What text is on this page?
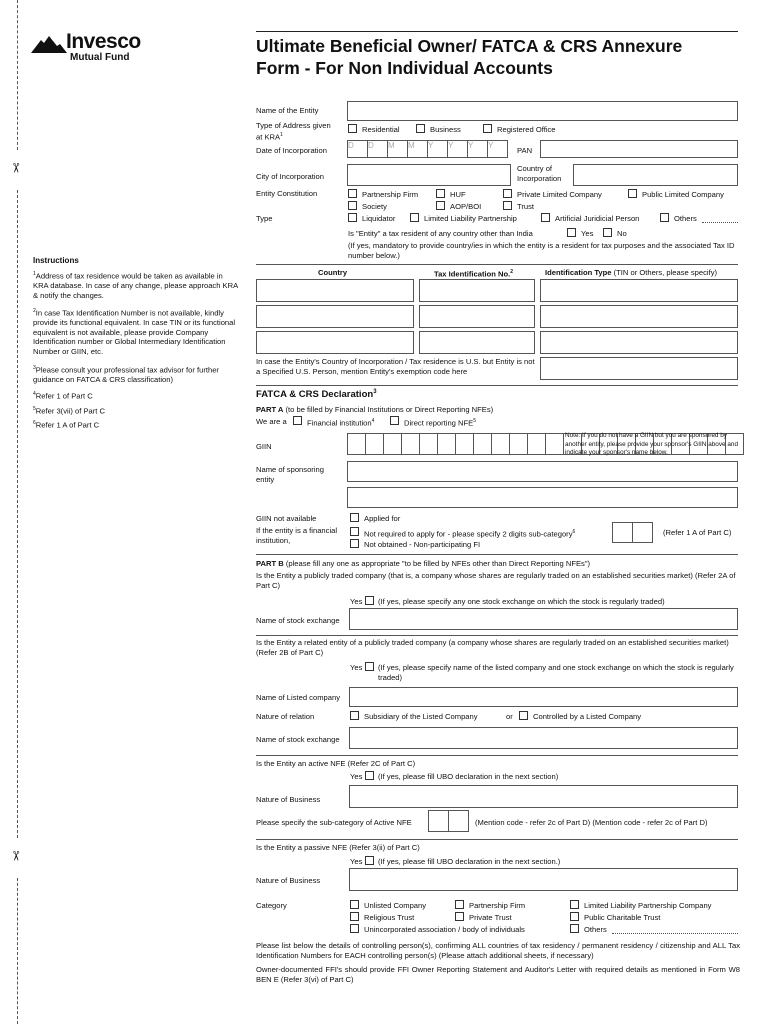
✂
✂
Invesco
Mutual Fund
Ultimate Beneficial Owner/ FATCA & CRS Annexure
Form - For Non Individual Accounts
Name of the Entity
Type of Address given at KRA$^1$
Residential	Business	Registered Office
Date of Incorporation
D	D	M	M	Y	Y	Y	Y
PAN
City of Incorporation
Country of Incorporation
Entity Constitution	Partnership Firm	HUF	Private Limited Company	Public Limited Company
Society	AOP/BOI	Trust
Type	Liquidator	Limited Liability Partnership	Artificial Juridicial Person	Others
Is "Entity" a tax resident of any country other than India	Yes	No
(If yes, mandatory to provide country/ies in which the entity is a resident for tax purposes and the associated Tax ID number below.)
Instructions
$^1$Address of tax residence would be taken as available in KRA database. In case of any change, please approach KRA & notify the changes.
$^2$In case Tax Identification Number is not available, kindly provide its functional equivalent. In case TIN or its functional equivalent is not available, please provide Company Identification number or Global Intermediary Identification Number or GIIN, etc.
$^3$Please consult your professional tax advisor for further guidance on FATCA & CRS classification)
$^4$Refer 1 of Part C
$^5$Refer 3(vii) of Part C
$^6$Refer 1 A of Part C
Country	Tax Identification No.$^2$	Identification Type (TIN or Others, please specify)
In case the Entity's Country of Incorporation / Tax residence is U.S. but Entity is not a Specified U.S. Person, mention Entity's exemption code here
FATCA & CRS Declaration$^3$
PART A (to be filled by Financial Institutions or Direct Reporting NFEs)
We are a	Financial institution$^4$	Direct reporting NFE$^5$
GIIN
Note: If you do not have a GIIN but you are sponsored by another entity, please provide your sponsor's GIIN above and indicate your sponsor's name below.
Name of sponsoring entity
GIIN not available
If the entity is a financial institution,
Applied for
Not required to apply for - please specify 2 digits sub-category$^6$	(Refer 1 A of Part C)
Not obtained - Non-participating FI
PART B (please fill any one as appropriate "to be filled by NFEs other than Direct Reporting NFEs")
Is the Entity a publicly traded company (that is, a company whose shares are regularly traded on an established securities market) (Refer 2A of Part C)
Yes (If yes, please specify any one stock exchange on which the stock is regularly traded)
Name of stock exchange
Is the Entity a related entity of a publicly traded company (a company whose shares are regularly traded on an established securities market) (Refer 2B of Part C)
Yes (If yes, please specify name of the listed company and one stock exchange on which the stock is regularly traded)
Name of Listed company
Nature of relation	Subsidiary of the Listed Company	or	Controlled by a Listed Company
Name of stock exchange
Is the Entity an active NFE (Refer 2C of Part C)
Yes (If yes, please fill UBO declaration in the next section)
Nature of Business
Please specify the sub-category of Active NFE	(Mention code - refer 2c of Part D) (Mention code - refer 2c of Part D)
Is the Entity a passive NFE (Refer 3(ii) of Part C)
Yes (If yes, please fill UBO declaration in the next section.)
Nature of Business
Category	Unlisted Company	Partnership Firm	Limited Liability Partnership Company
Religious Trust	Private Trust	Public Charitable Trust
Unincorporated association / body of individuals	Others
Please list below the details of controlling person(s), confirming ALL countries of tax residency / permanent residency / citizenship and ALL Tax Identification Numbers for EACH controlling person(s) (Please attach additional sheets, if necessary)
Owner-documented FFI's should provide FFI Owner Reporting Statement and Auditor's Letter with required details as mentioned in Form W8 BEN E (Refer 3(vi) of Part C)
